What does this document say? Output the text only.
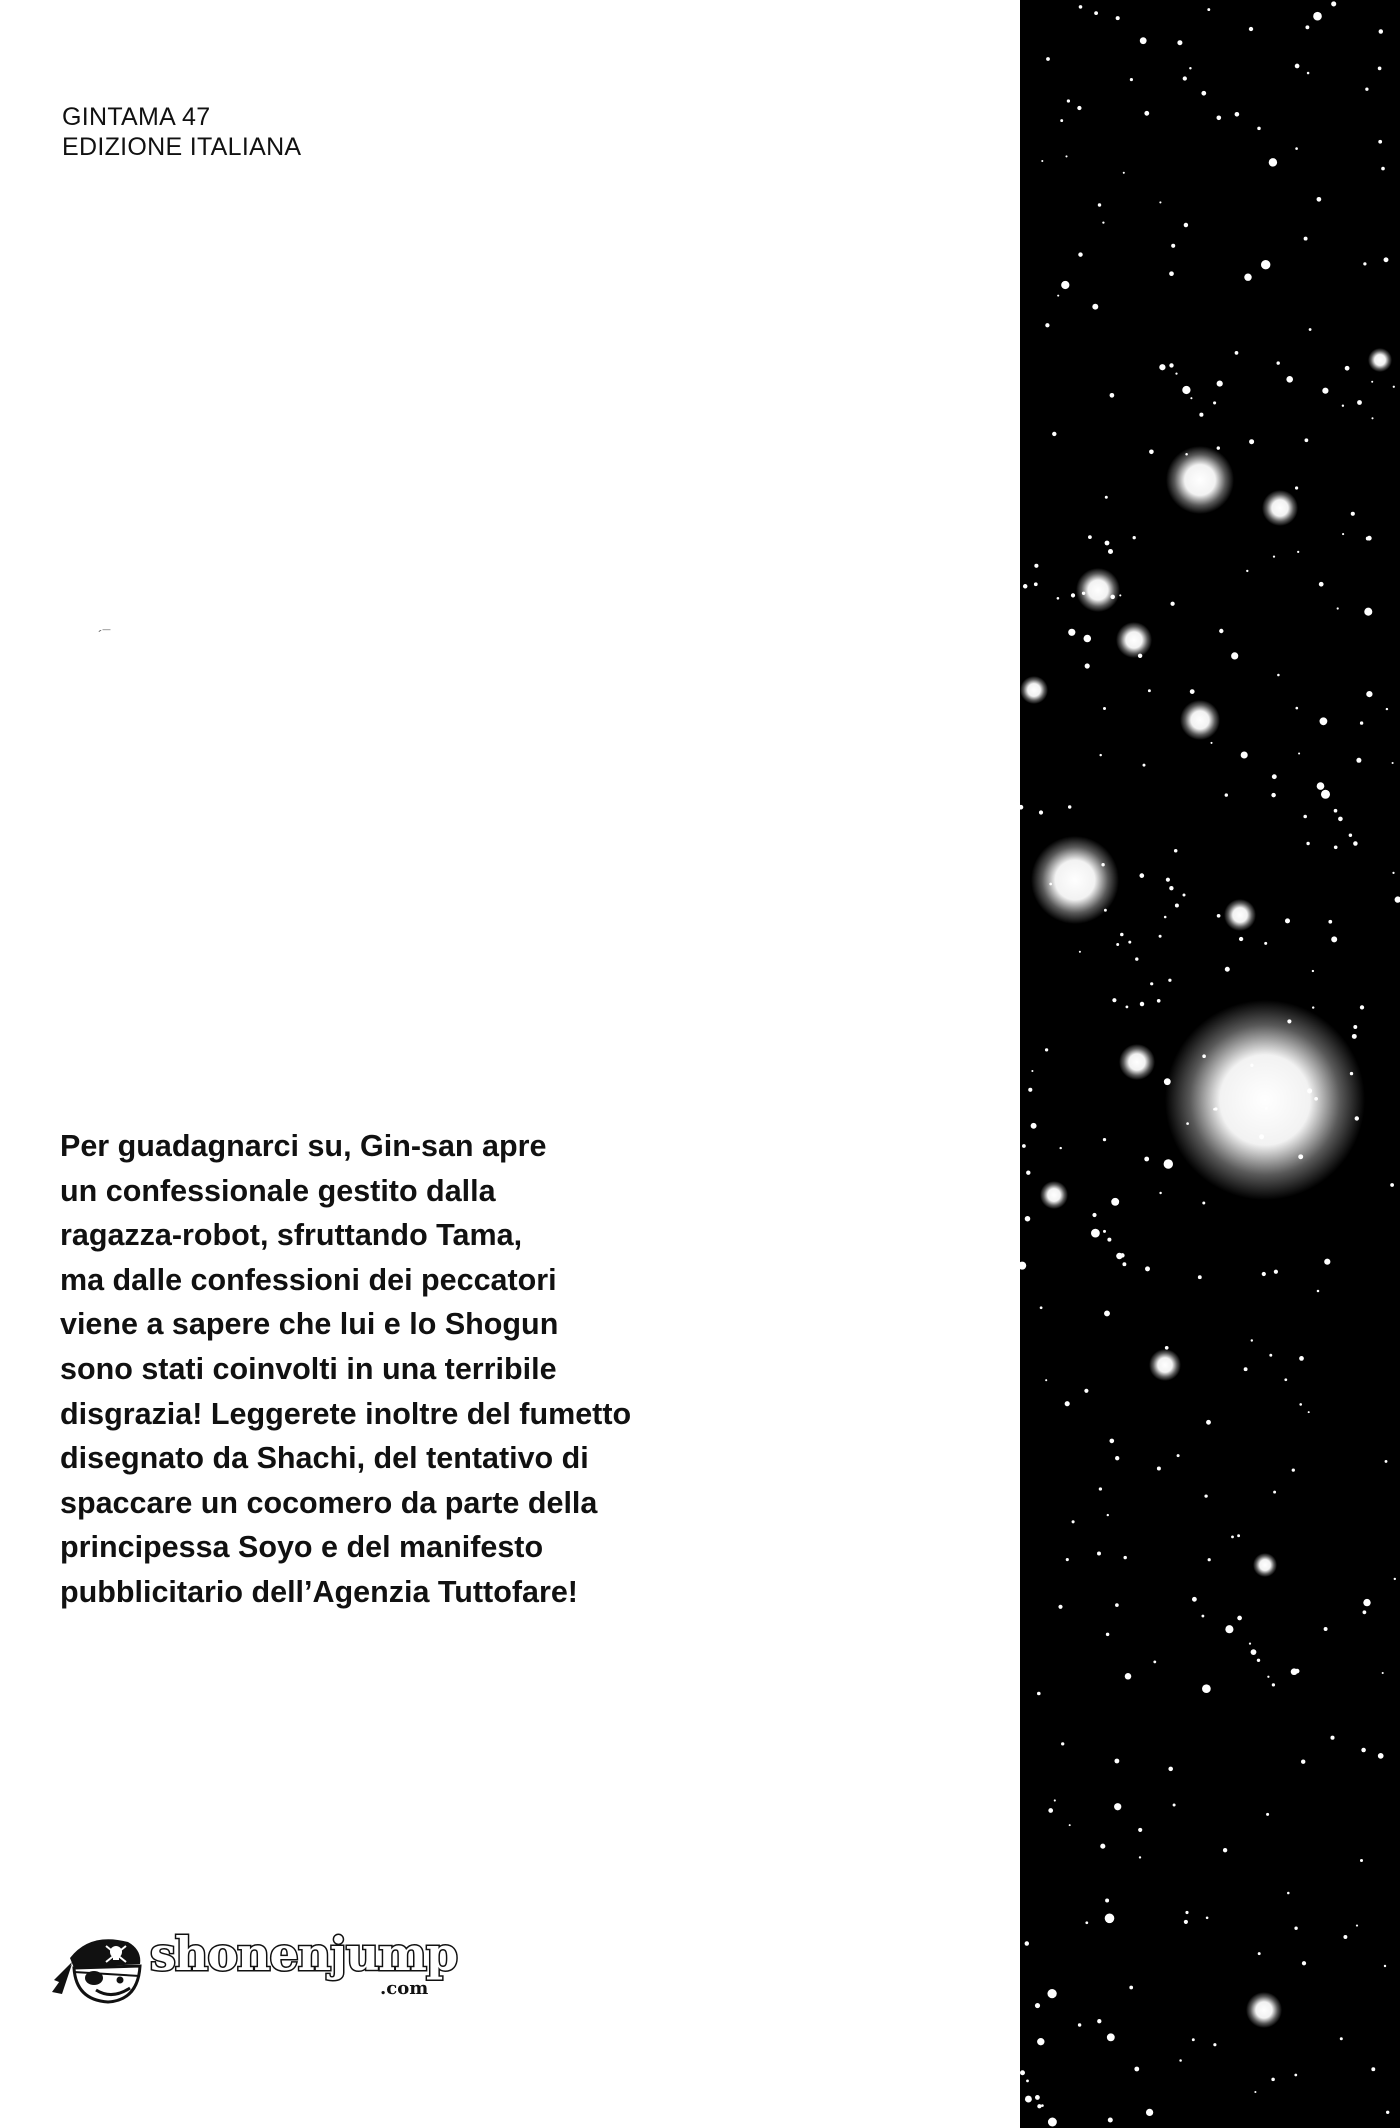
GINTAMA 47
EDIZIONE ITALIANA
´¯
Per guadagnarci su, Gin-san apre
un confessionale gestito dalla
ragazza-robot, sfruttando Tama,
ma dalle confessioni dei peccatori
viene a sapere che lui e lo Shogun
sono stati coinvolti in una terribile
disgrazia! Leggerete inoltre del fumetto
disegnato da Shachi, del tentativo di
spaccare un cocomero da parte della
principessa Soyo e del manifesto
pubblicitario dell’Agenzia Tuttofare!
shonenjump
.com
